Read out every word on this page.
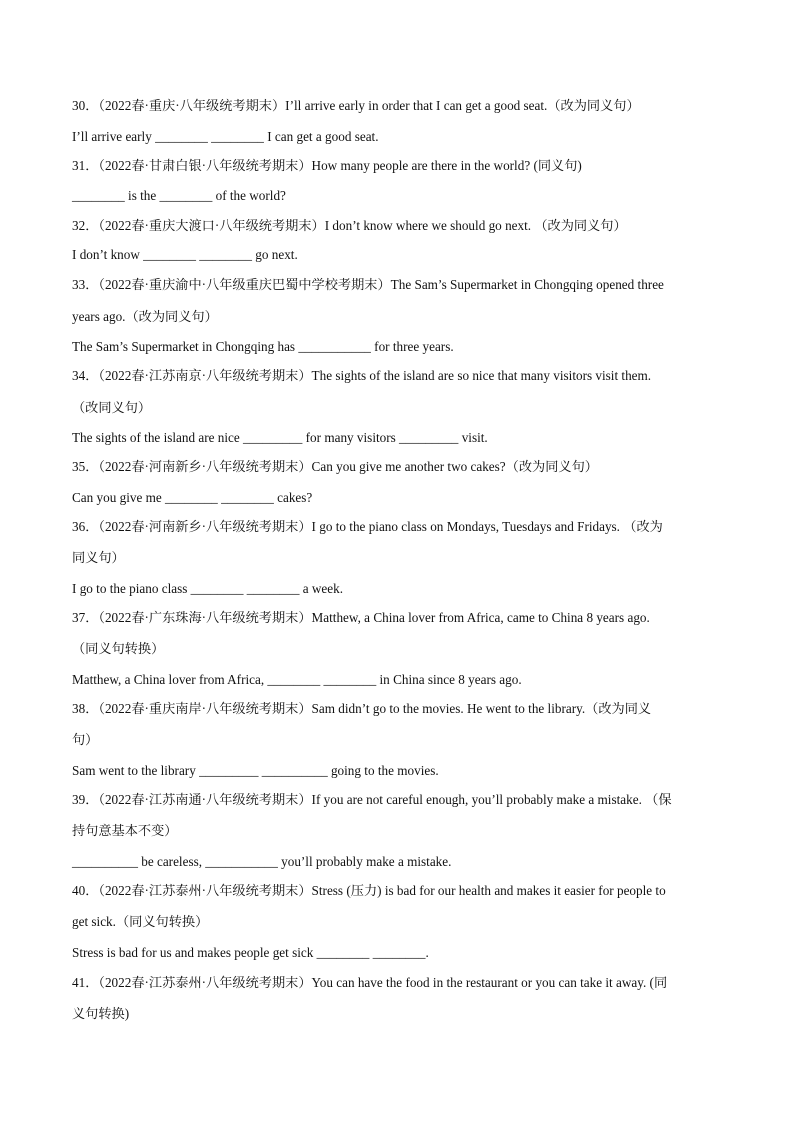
30．（2022春·重庆·八年级统考期末）I’ll arrive early in order that I can get a good seat.（改为同义句）
I’ll arrive early ________ ________ I can get a good seat.
31．（2022春·甘肃白银·八年级统考期末）How many people are there in the world? (同义句)
________ is the ________ of the world?
32．（2022春·重庆大渡口·八年级统考期末）I don’t know where we should go next. （改为同义句）
I don’t know ________ ________ go next.
33．（2022春·重庆渝中·八年级重庆巴蜀中学校考期末）The Sam’s Supermarket in Chongqing opened three
years ago.（改为同义句）
The Sam’s Supermarket in Chongqing has ___________ for three years.
34．（2022春·江苏南京·八年级统考期末）The sights of the island are so nice that many visitors visit them.
（改同义句）
The sights of the island are nice _________ for many visitors _________ visit.
35．（2022春·河南新乡·八年级统考期末）Can you give me another two cakes?（改为同义句）
Can you give me ________ ________ cakes?
36．（2022春·河南新乡·八年级统考期末）I go to the piano class on Mondays, Tuesdays and Fridays. （改为
同义句）
I go to the piano class ________ ________ a week.
37．（2022春·广东珠海·八年级统考期末）Matthew, a China lover from Africa, came to China 8 years ago.
（同义句转换）
Matthew, a China lover from Africa, ________ ________ in China since 8 years ago.
38．（2022春·重庆南岸·八年级统考期末）Sam didn’t go to the movies. He went to the library.（改为同义
句）
Sam went to the library _________ __________ going to the movies.
39．（2022春·江苏南通·八年级统考期末）If you are not careful enough, you’ll probably make a mistake. （保
持句意基本不变）
__________ be careless, ___________ you’ll probably make a mistake.
40．（2022春·江苏泰州·八年级统考期末）Stress (压力) is bad for our health and makes it easier for people to
get sick.（同义句转换）
Stress is bad for us and makes people get sick ________ ________.
41．（2022春·江苏泰州·八年级统考期末）You can have the food in the restaurant or you can take it away. (同
义句转换)
